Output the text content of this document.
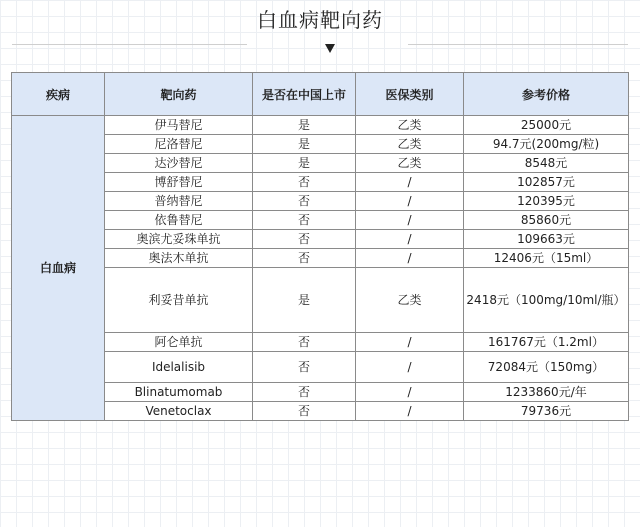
白血病靶向药
疾病	靶向药	是否在中国上市	医保类别	参考价格
白血病	伊马替尼	是	乙类	25000元
	尼洛替尼	是	乙类	94.7元(200mg/粒)
	达沙替尼	是	乙类	8548元
	博舒替尼	否	/	102857元
	普纳替尼	否	/	120395元
	依鲁替尼	否	/	85860元
	奥滨尤妥珠单抗	否	/	109663元
	奥法木单抗	否	/	12406元（15ml）
	利妥昔单抗	是	乙类	2418元（100mg/10ml/瓶）
	阿仑单抗	否	/	161767元（1.2ml）
	Idelalisib	否	/	72084元（150mg）
	Blinatumomab	否	/	1233860元/年
	Venetoclax	否	/	79736元
